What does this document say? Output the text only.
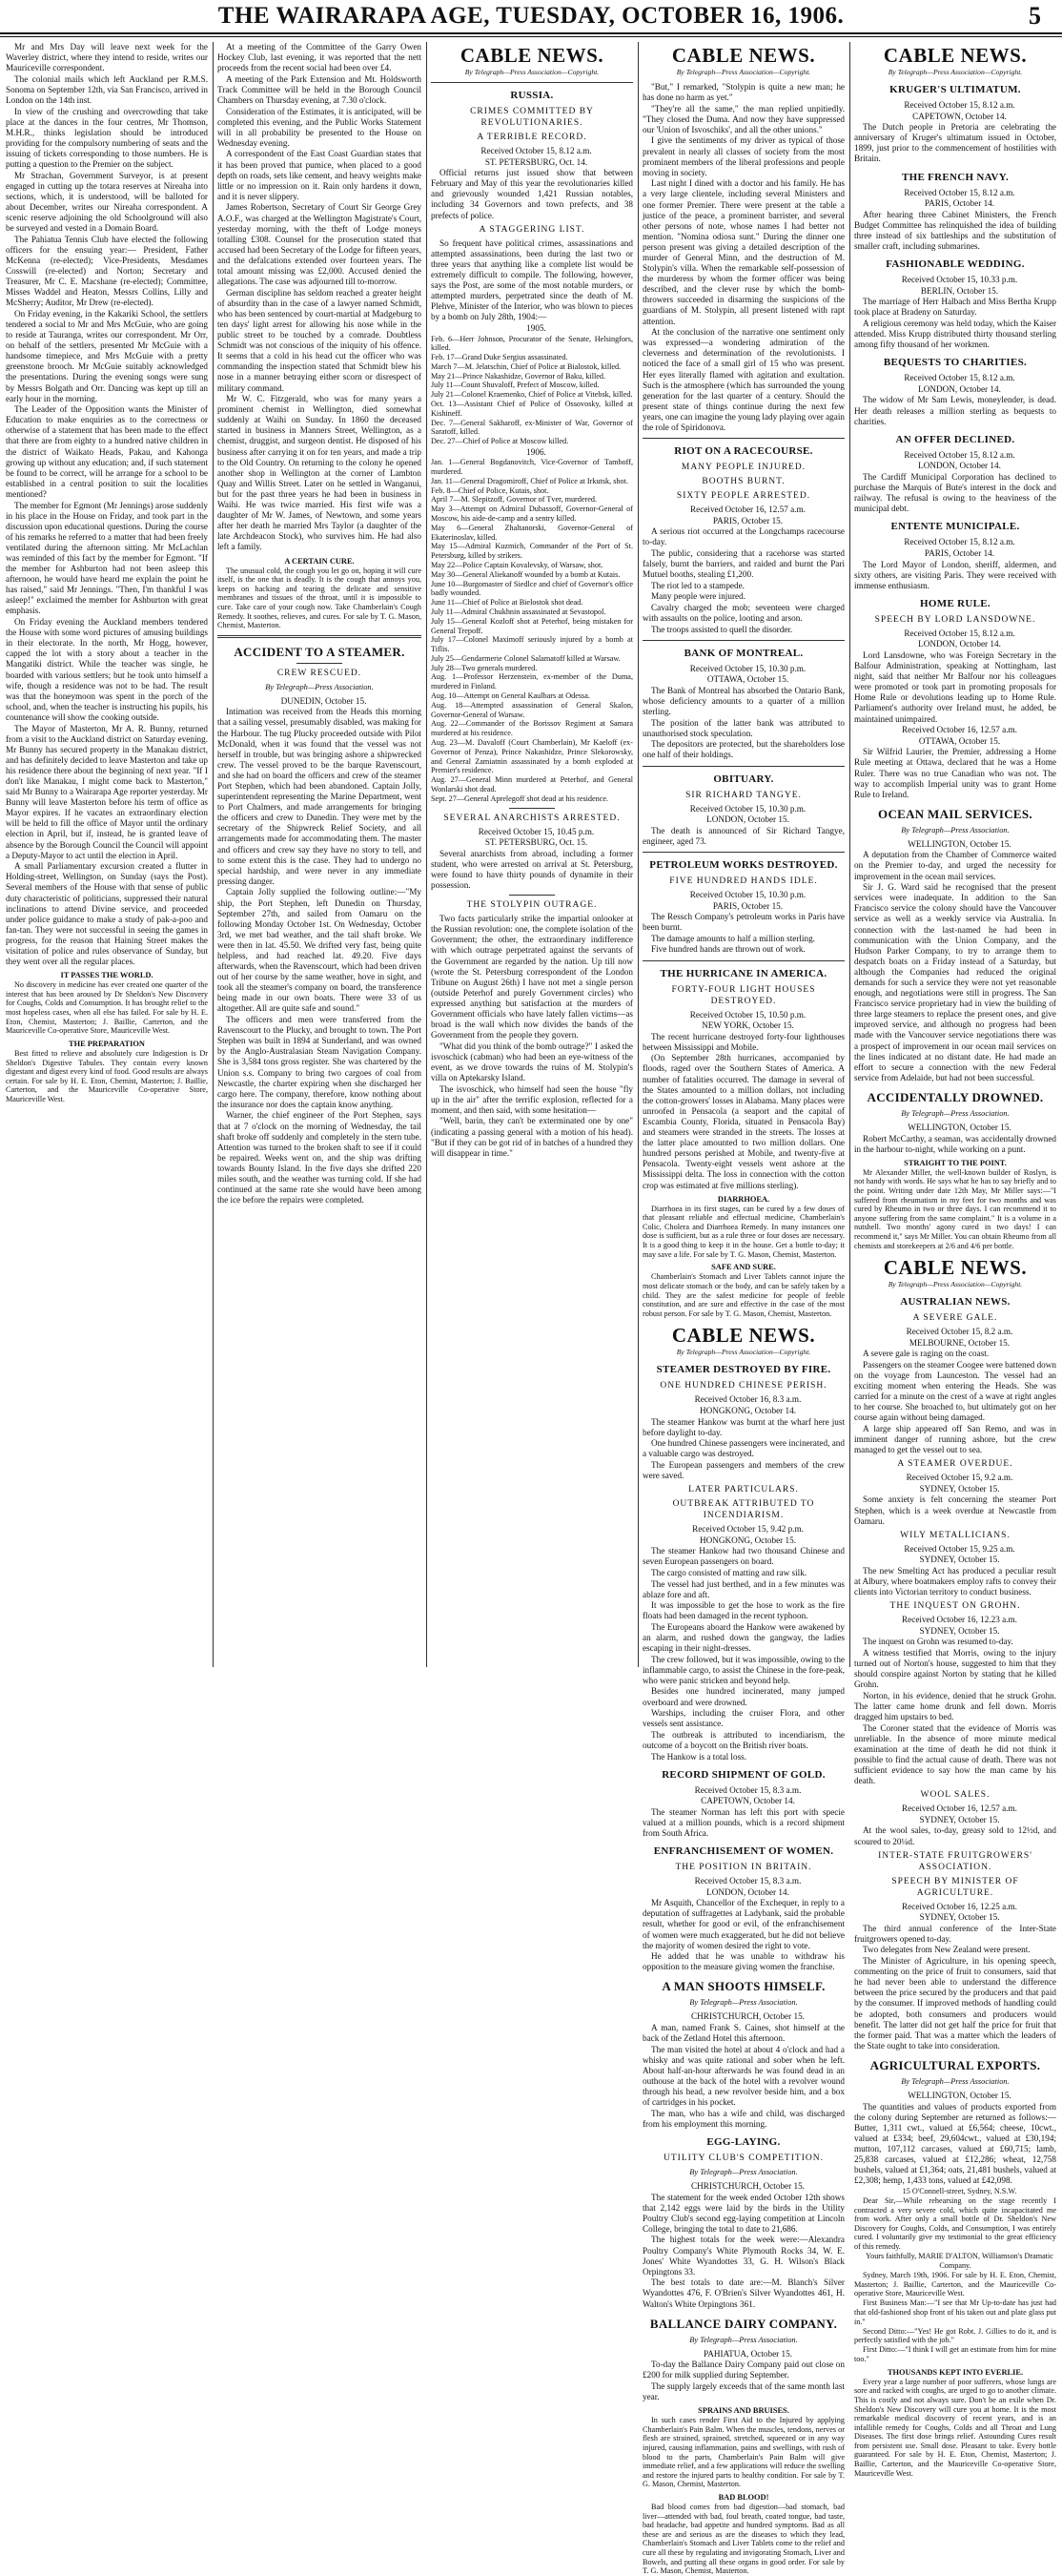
THE WAIRARAPA AGE, TUESDAY, OCTOBER 16, 1906.	5

Mr and Mrs Day will leave next week for the Waverley district, where they intend to reside, writes our Mauriceville correspondent.

The colonial mails which left Auckland per R.M.S. Sonoma on September 12th, via San Francisco, arrived in London on the 14th inst.

In view of the crushing and overcrowding that take place at the dances in the four centres, Mr Thomson, M.H.R., thinks legislation should be introduced providing for the compulsory numbering of seats and the issuing of tickets corresponding to those numbers. He is putting a question to the Premier on the subject.

Mr Strachan, Government Surveyor, is at present engaged in cutting up the totara reserves at Nireaha into sections, which, it is understood, will be balloted for about December, writes our Nireaha correspondent. A scenic reserve adjoining the old Schoolground will also be surveyed and vested in a Domain Board.

The Pahiatua Tennis Club have elected the following officers for the ensuing year:— President, Father McKenna (re-elected); Vice-Presidents, Mesdames Cosswill (re-elected) and Norton; Secretary and Treasurer, Mr C. E. Macshane (re-elected); Committee, Misses Waddel and Heaton, Messrs Collins, Lilly and McSherry; Auditor, Mr Drew (re-elected).

On Friday evening, in the Kakariki School, the settlers tendered a social to Mr and Mrs McGuie, who are going to reside at Tauranga, writes our correspondent. Mr Orr, on behalf of the settlers, presented Mr McGuie with a handsome timepiece, and Mrs McGuie with a pretty greenstone brooch. Mr McGuie suitably acknowledged the presentations. During the evening songs were sung by Messrs Bolgath and Orr. Dancing was kept up till an early hour in the morning.

The Leader of the Opposition wants the Minister of Education to make enquiries as to the correctness or otherwise of a statement that has been made to the effect that there are from eighty to a hundred native children in the district of Waikato Heads, Pakau, and Kahonga growing up without any education; and, if such statement be found to be correct, will he arrange for a school to be established in a central position to suit the localities mentioned?

The member for Egmont (Mr Jennings) arose suddenly in his place in the House on Friday, and took part in the discussion upon educational questions. During the course of his remarks he referred to a matter that had been freely ventilated during the afternoon sitting. Mr McLachlan was reminded of this fact by the member for Egmont. "If the member for Ashburton had not been asleep this afternoon, he would have heard me explain the point he has raised," said Mr Jennings. "Then, I'm thankful I was asleep!" exclaimed the member for Ashburton with great emphasis.

On Friday evening the Auckland members tendered the House with some word pictures of amusing buildings in their electorate. In the north, Mr Hogg, however, capped the lot with a story about a teacher in the Mangatiki district. While the teacher was single, he boarded with various settlers; but he took unto himself a wife, though a residence was not to be had. The result was that the honeymoon was spent in the porch of the school, and, when the teacher is instructing his pupils, his countenance will show the cooking outside.

The Mayor of Masterton, Mr A. R. Bunny, returned from a visit to the Auckland district on Saturday evening. Mr Bunny has secured property in the Manakau district, and has definitely decided to leave Masterton and take up his residence there about the beginning of next year. "If I don't like Manakau, I might come back to Masterton," said Mr Bunny to a Wairarapa Age reporter yesterday. Mr Bunny will leave Masterton before his term of office as Mayor expires. If he vacates an extraordinary election will be held to fill the office of Mayor until the ordinary election in April, but if, instead, he is granted leave of absence by the Borough Council the Council will appoint a Deputy-Mayor to act until the election in April.

A small Parliamentary excursion created a flutter in Holding-street, Wellington, on Sunday (says the Post). Several members of the House with that sense of public duty characteristic of politicians, suppressed their natural inclinations to attend Divine service, and proceeded under police guidance to make a study of pak-a-poo and fan-tan. They were not successful in seeing the games in progress, for the reason that Haining Street makes the visitation of police and rules observance of Sunday, but they went over all the regular places.

IT PASSES THE WORLD.

No discovery in medicine has ever created one quarter of the interest that has been aroused by Dr Sheldon's New Discovery for Coughs, Colds and Consumption. It has brought relief to the most hopeless cases, when all else has failed. For sale by H. E. Eton, Chemist, Masterton; J. Baillie, Carterton, and the Mauriceville Co-operative Store, Mauriceville West.

THE PREPARATION

Best fitted to relieve and absolutely cure Indigestion is Dr Sheldon's Digestive Tabules. They contain every known digestant and digest every kind of food. Good results are always certain. For sale by H. E. Eton, Chemist, Masterton; J. Baillie, Carterton, and the Mauriceville Co-operative Store, Mauriceville West.

At a meeting of the Committee of the Garry Owen Hockey Club, last evening, it was reported that the nett proceeds from the recent social had been over £4.

A meeting of the Park Extension and Mt. Holdsworth Track Committee will be held in the Borough Council Chambers on Thursday evening, at 7.30 o'clock.

Consideration of the Estimates, it is anticipated, will be completed this evening, and the Public Works Statement will in all probability be presented to the House on Wednesday evening.

A correspondent of the East Coast Guardian states that it has been proved that pumice, when placed to a good depth on roads, sets like cement, and heavy weights make little or no impression on it. Rain only hardens it down, and it is never slippery.

James Robertson, Secretary of Court Sir George Grey A.O.F., was charged at the Wellington Magistrate's Court, yesterday morning, with the theft of Lodge moneys totalling £308. Counsel for the prosecution stated that accused had been Secretary of the Lodge for fifteen years, and the defalcations extended over fourteen years. The total amount missing was £2,000. Accused denied the allegations. The case was adjourned till to-morrow.

German discipline has seldom reached a greater height of absurdity than in the case of a lawyer named Schmidt, who has been sentenced by court-martial at Madgeburg to ten days' light arrest for allowing his nose while in the public street to be touched by a comrade. Doubtless Schmidt was not conscious of the iniquity of his offence. It seems that a cold in his head cut the officer who was commanding the inspection stated that Schmidt blew his nose in a manner betraying either scorn or disrespect of military command.

Mr W. C. Fitzgerald, who was for many years a prominent chemist in Wellington, died somewhat suddenly at Waihi on Sunday. In 1860 the deceased started in business in Manners Street, Wellington, as a chemist, druggist, and surgeon dentist. He disposed of his business after carrying it on for ten years, and made a trip to the Old Country. On returning to the colony he opened another shop in Wellington at the corner of Lambton Quay and Willis Street. Later on he settled in Wanganui, but for the past three years he had been in business in Waihi. He was twice married. His first wife was a daughter of Mr W. James, of Newtown, and some years after her death he married Mrs Taylor (a daughter of the late Archdeacon Stock), who survives him. He had also left a family.

A CERTAIN CURE.

The unusual cold, the cough you let go on, hoping it will cure itself, is the one that is deadly. It is the cough that annoys you, keeps on hacking and tearing the delicate and sensitive membranes and tissues of the throat, until it is impossible to cure. Take care of your cough now. Take Chamberlain's Cough Remedy. It soothes, relieves, and cures. For sale by T. G. Mason, Chemist, Masterton.

ACCIDENT TO A STEAMER.
CREW RESCUED.
By Telegraph—Press Association.

DUNEDIN, October 15.

Intimation was received from the Heads this morning that a sailing vessel, presumably disabled, was making for the Harbour. The tug Plucky proceeded outside with Pilot McDonald, when it was found that the vessel was not herself in trouble, but was bringing ashore a shipwrecked crew. The vessel proved to be the barque Ravenscourt, and she had on board the officers and crew of the steamer Port Stephen, which had been abandoned. Captain Jolly, superintendent representing the Marine Department, went to Port Chalmers, and made arrangements for bringing the officers and crew to Dunedin. They were met by the secretary of the Shipwreck Relief Society, and all arrangements made for accommodating them. The master and officers and crew say they have no story to tell, and to some extent this is the case. They had to undergo no special hardship, and were never in any immediate pressing danger.

Captain Jolly supplied the following outline:—"My ship, the Port Stephen, left Dunedin on Thursday, September 27th, and sailed from Oamaru on the following Monday October 1st. On Wednesday, October 3rd, we met bad weather, and the tail shaft broke. We were then in lat. 45.50. We drifted very fast, being quite helpless, and had reached lat. 49.20. Five days afterwards, when the Ravenscourt, which had been driven out of her course by the same weather, hove in sight, and took all the steamer's company on board, the transference being made in our own boats. There were 33 of us altogether. All are quite safe and sound."

The officers and men were transferred from the Ravenscourt to the Plucky, and brought to town. The Port Stephen was built in 1894 at Sunderland, and was owned by the Anglo-Australasian Steam Navigation Company. She is 3,584 tons gross register. She was chartered by the Union s.s. Company to bring two cargoes of coal from Newcastle, the charter expiring when she discharged her cargo here. The company, therefore, know nothing about the insurance nor does the captain know anything.

Warner, the chief engineer of the Port Stephen, says that at 7 o'clock on the morning of Wednesday, the tail shaft broke off suddenly and completely in the stern tube. Attention was turned to the broken shaft to see if it could be repaired. Weeks went on, and the ship was drifting towards Bounty Island. In the five days she drifted 220 miles south, and the weather was turning cold. If she had continued at the same rate she would have been among the ice before the repairs were completed.

CABLE NEWS.
By Telegraph—Press Association—Copyright.
RUSSIA.
CRIMES COMMITTED BY REVOLUTIONARIES.
A TERRIBLE RECORD.

Received October 15, 8.12 a.m.

ST. PETERSBURG, Oct. 14.

Official returns just issued show that between February and May of this year the revolutionaries killed and grievously wounded 1,421 Russian notables, including 34 Governors and town prefects, and 38 prefects of police.

A STAGGERING LIST.

So frequent have political crimes, assassinations and attempted assassinations, been during the last two or three years that anything like a complete list would be extremely difficult to compile. The following, however, says the Post, are some of the most notable murders, or attempted murders, perpetrated since the death of M. Plehve, Minister of the Interior, who was blown to pieces by a bomb on July 28th, 1904:—

1905.

Feb. 6—Herr Johnson, Procurator of the Senate, Helsingfors, killed.
Feb. 17—Grand Duke Sergius assassinated.
March 7—M. Jelatschin, Chief of Police at Bialostok, killed.
May 21—Prince Nakashidze, Governor of Baku, killed.
July 11—Count Shuvaloff, Prefect of Moscow, killed.
July 21—Colonel Kraemenko, Chief of Police at Vitebsk, killed.
Oct. 13—Assistant Chief of Police of Ossovosky, killed at Kishineff.
Dec. 7—General Sakharoff, ex-Minister of War, Governor of Saratoff, killed.
Dec. 27—Chief of Police at Moscow killed.

1906.

Jan. 1—General Bogdanovitch, Vice-Governor of Tamboff, murdered.
Jan. 11—General Dragomiroff, Chief of Police at Irkutsk, shot.
Feb. 8—Chief of Police, Kutais, shot.
April 7—M. Slepitzoff, Governor of Tver, murdered.
May 3—Attempt on Admiral Dubassoff, Governor-General of Moscow, his aide-de-camp and a sentry killed.
May 6—General Zhaltanorski, Governor-General of Ekaterinoslav, killed.
May 15—Admiral Kuzmich, Commander of the Port of St. Petersburg, killed by strikers.
May 22—Police Captain Kovalevsky, of Warsaw, shot.
May 30—General Aliekanoff wounded by a bomb at Kutais.
June 10—Burgomaster of Siedlce and chief of Governor's office badly wounded.
June 11—Chief of Police at Bielostok shot dead.
July 11—Admiral Chukhnin assassinated at Sevastopol.
July 15—General Kozloff shot at Peterhof, being mistaken for General Trepoff.
July 17—Colonel Maximoff seriously injured by a bomb at Tiflis.
July 25—Gendarmerie Colonel Salamatoff killed at Warsaw.
July 28—Two generals murdered.
Aug. 1—Professor Herzenstein, ex-member of the Duma, murdered in Finland.
Aug. 10—Attempt on General Kaulbars at Odessa.
Aug. 18—Attempted assassination of General Skalon, Governor-General of Warsaw.
Aug. 22—Commander of the Borissov Regiment at Samara murdered at his residence.
Aug. 23—M. Davaloff (Court Chamberlain), Mr Kaeloff (ex-Governor of Penza), Prince Nakashidze, Prince Slekorowsky, and General Zamiatnin assassinated by a bomb exploded at Premier's residence.
Aug. 27—General Minn murdered at Peterhof, and General Wonlarski shot dead.
Sept. 27—General Aprelegoff shot dead at his residence.

SEVERAL ANARCHISTS ARRESTED.

Received October 15, 10.45 p.m.

ST. PETERSBURG, Oct. 15.

Several anarchists from abroad, including a former student, who were arrested on arrival at St. Petersburg, were found to have thirty pounds of dynamite in their possession.

THE STOLYPIN OUTRAGE.

Two facts particularly strike the impartial onlooker at the Russian revolution: one, the complete isolation of the Government; the other, the extraordinary indifference with which outrage perpetrated against the servants of the Government are regarded by the nation. Up till now (wrote the St. Petersburg correspondent of the London Tribune on August 26th) I have not met a single person (outside Peterhof and purely Government circles) who expressed anything but satisfaction at the murders of Government officials who have lately fallen victims—as broad is the wall which now divides the bands of the Government from the people they govern.

"What did you think of the bomb outrage?" I asked the isvoschick (cabman) who had been an eye-witness of the event, as we drove towards the ruins of M. Stolypin's villa on Aptekarsky Island.

The isvoschick, who himself had seen the house "fly up in the air" after the terrific explosion, reflected for a moment, and then said, with some hesitation—

"Well, barin, they can't be exterminated one by one" (indicating a passing general with a motion of his head). "But if they can be got rid of in batches of a hundred they will disappear in time."

CABLE NEWS.
By Telegraph—Press Association—Copyright.

"But," I remarked, "Stolypin is quite a new man; he has done no harm as yet."

"They're all the same," the man replied unpitiedly. "They closed the Duma. And now they have suppressed our 'Union of Isvoschiks', and all the other unions."

I give the sentiments of my driver as typical of those prevalent in nearly all classes of society from the most prominent members of the liberal professions and people moving in society.

Last night I dined with a doctor and his family. He has a very large clientele, including several Ministers and one former Premier. There were present at the table a justice of the peace, a prominent barrister, and several other persons of note, whose names I had better not mention. "Nomina odiosa sunt." During the dinner one person present was giving a detailed description of the murder of General Minn, and the destruction of M. Stolypin's villa. When the remarkable self-possession of the murderess by whom the former officer was being described, and the clever ruse by which the bomb-throwers succeeded in disarming the suspicions of the guardians of M. Stolypin, all present listened with rapt attention.

At the conclusion of the narrative one sentiment only was expressed—a wondering admiration of the cleverness and determination of the revolutionists. I noticed the face of a small girl of 15 who was present. Her eyes literally flamed with agitation and exultation. Such is the atmosphere (which has surrounded the young generation for the last quarter of a century. Should the present state of things continue during the next few years, one can imagine the young lady playing over again the role of Spiridonova.

RIOT ON A RACECOURSE.
MANY PEOPLE INJURED.
BOOTHS BURNT.
SIXTY PEOPLE ARRESTED.

Received October 16, 12.57 a.m.

PARIS, October 15.

A serious riot occurred at the Longchamps racecourse to-day.

The public, considering that a racehorse was started falsely, burnt the barriers, and raided and burnt the Pari Mutuel booths, stealing £1,200.

The riot led to a stampede.

Many people were injured.

Cavalry charged the mob; seventeen were charged with assaults on the police, looting and arson.

The troops assisted to quell the disorder.

BANK OF MONTREAL.

Received October 15, 10.30 p.m.

OTTAWA, October 15.

The Bank of Montreal has absorbed the Ontario Bank, whose deficiency amounts to a quarter of a million sterling.

The position of the latter bank was attributed to unauthorised stock speculation.

The depositors are protected, but the shareholders lose one half of their holdings.

OBITUARY.
SIR RICHARD TANGYE.

Received October 15, 10.30 p.m.

LONDON, October 15.

The death is announced of Sir Richard Tangye, engineer, aged 73.

PETROLEUM WORKS DESTROYED.
FIVE HUNDRED HANDS IDLE.

Received October 15, 10.30 p.m.

PARIS, October 15.

The Ressch Company's petroleum works in Paris have been burnt.

The damage amounts to half a million sterling.

Five hundred hands are thrown out of work.

THE HURRICANE IN AMERICA.
FORTY-FOUR LIGHT HOUSES DESTROYED.

Received October 15, 10.50 p.m.

NEW YORK, October 15.

The recent hurricane destroyed forty-four lighthouses between Mississippi and Mobile.

(On September 28th hurricanes, accompanied by floods, raged over the Southern States of America. A number of fatalities occurred. The damage in several of the States amounted to a million dollars, not including the cotton-growers' losses in Alabama. Many places were unroofed in Pensacola (a seaport and the capital of Escambia County, Florida, situated in Pensacola Bay) and steamers were stranded in the streets. The losses at the latter place amounted to two million dollars. One hundred persons perished at Mobile, and twenty-five at Pensacola. Twenty-eight vessels went ashore at the Mississippi delta. The loss in connection with the cotton crop was estimated at five millions sterling).

DIARRHOEA.

Diarrhoea in its first stages, can be cured by a few doses of that pleasant reliable and effectual medicine, Chamberlain's Colic, Cholera and Diarrhoea Remedy. In many instances one dose is sufficient, but as a rule three or four doses are necessary. It is a good thing to keep it in the house. Get a bottle to-day; it may save a life. For sale by T. G. Mason, Chemist, Masterton.

SAFE AND SURE.

Chamberlain's Stomach and Liver Tablets cannot injure the most delicate stomach or the body, and can be safely taken by a child. They are the safest medicine for people of feeble constitution, and are sure and effective in the case of the most robust person. For sale by T. G. Mason, Chemist, Masterton.

CABLE NEWS.
By Telegraph—Press Association—Copyright.
STEAMER DESTROYED BY FIRE.
ONE HUNDRED CHINESE PERISH.

Received October 16, 8.3 a.m.

HONGKONG, October 14.

The steamer Hankow was burnt at the wharf here just before daylight to-day.

One hundred Chinese passengers were incinerated, and a valuable cargo was destroyed.

The European passengers and members of the crew were saved.

LATER PARTICULARS.
OUTBREAK ATTRIBUTED TO INCENDIARISM.

Received October 15, 9.42 p.m.

HONGKONG, October 15.

The steamer Hankow had two thousand Chinese and seven European passengers on board.

The cargo consisted of matting and raw silk.

The vessel had just berthed, and in a few minutes was ablaze fore and aft.

It was impossible to get the hose to work as the fire floats had been damaged in the recent typhoon.

The Europeans aboard the Hankow were awakened by an alarm, and rushed down the gangway, the ladies escaping in their night-dresses.

The crew followed, but it was impossible, owing to the inflammable cargo, to assist the Chinese in the fore-peak, who were panic stricken and beyond help.

Besides one hundred incinerated, many jumped overboard and were drowned.

Warships, including the cruiser Flora, and other vessels sent assistance.

The outbreak is attributed to incendiarism, the outcome of a boycott on the British river boats.

The Hankow is a total loss.

RECORD SHIPMENT OF GOLD.

Received October 15, 8.3 a.m.

CAPETOWN, October 14.

The steamer Norman has left this port with specie valued at a million pounds, which is a record shipment from South Africa.

ENFRANCHISEMENT OF WOMEN.
THE POSITION IN BRITAIN.

Received October 15, 8.3 a.m.

LONDON, October 14.

Mr Asquith, Chancellor of the Exchequer, in reply to a deputation of suffragettes at Ladybank, said the probable result, whether for good or evil, of the enfranchisement of women were much exaggerated, but he did not believe the majority of women desired the right to vote.

He added that he was unable to withdraw his opposition to the measure giving women the franchise.

A MAN SHOOTS HIMSELF.
By Telegraph—Press Association.

CHRISTCHURCH, October 15.

A man, named Frank S. Caines, shot himself at the back of the Zetland Hotel this afternoon.

The man visited the hotel at about 4 o'clock and had a whisky and was quite rational and sober when he left. About half-an-hour afterwards he was found dead in an outhouse at the back of the hotel with a revolver wound through his head, a new revolver beside him, and a box of cartridges in his pocket.

The man, who has a wife and child, was discharged from his employment this morning.

EGG-LAYING.
UTILITY CLUB'S COMPETITION.
By Telegraph—Press Association.

CHRISTCHURCH, October 15.

The statement for the week ended October 12th shows that 2,142 eggs were laid by the birds in the Utility Poultry Club's second egg-laying competition at Lincoln College, bringing the total to date to 21,686.

The highest totals for the week were:—Alexandra Poultry Company's White Plymouth Rocks 34, W. E. Jones' White Wyandottes 33, G. H. Wilson's Black Orpingtons 33.

The best totals to date are:—M. Blanch's Silver Wyandottes 476, F. O'Brien's Silver Wyandottes 461, H. Walton's White Orpingtons 361.

BALLANCE DAIRY COMPANY.
By Telegraph—Press Association.

PAHIATUA, October 15.

To-day the Ballance Dairy Company paid out close on £200 for milk supplied during September.

The supply largely exceeds that of the same month last year.

SPRAINS AND BRUISES.

In such cases render First Aid to the Injured by applying Chamberlain's Pain Balm. When the muscles, tendons, nerves or flesh are strained, sprained, stretched, squeezed or in any way injured, causing inflammation, pains and swellings, with rush of blood to the parts, Chamberlain's Pain Balm will give immediate relief, and a few applications will reduce the swelling and restore the injured parts to healthy condition. For sale by T. G. Mason, Chemist, Masterton.

BAD BLOOD!

Bad blood comes from bad digestion—bad stomach, bad liver—attended with bad, foul breath, coated tongue, bad taste, bad headache, bad appetite and hundred symptoms. Bad as all these are and serious as are the diseases to which they lead, Chamberlain's Stomach and Liver Tablets come to the relief and cure all these by regulating and invigorating Stomach, Liver and Bowels, and putting all these organs in good order. For sale by T. G. Mason, Chemist, Masterton.

CABLE NEWS.
By Telegraph—Press Association—Copyright.
KRUGER'S ULTIMATUM.

Received October 15, 8.12 a.m.

CAPETOWN, October 14.

The Dutch people in Pretoria are celebrating the anniversary of Kruger's ultimatum issued in October, 1899, just prior to the commencement of hostilities with Britain.

THE FRENCH NAVY.

Received October 15, 8.12 a.m.

PARIS, October 14.

After hearing three Cabinet Ministers, the French Budget Committee has relinquished the idea of building three instead of six battleships and the substitution of smaller craft, including submarines.

FASHIONABLE WEDDING.

Received October 15, 10.33 p.m.

BERLIN, October 15.

The marriage of Herr Halbach and Miss Bertha Krupp took place at Bradeny on Saturday.

A religious ceremony was held today, which the Kaiser attended. Miss Krupp distributed thirty thousand sterling among fifty thousand of her workmen.

BEQUESTS TO CHARITIES.

Received October 15, 8.12 a.m.

LONDON, October 14.

The widow of Mr Sam Lewis, moneylender, is dead. Her death releases a million sterling as bequests to charities.

AN OFFER DECLINED.

Received October 15, 8.12 a.m.

LONDON, October 14.

The Cardiff Municipal Corporation has declined to purchase the Marquis of Bute's interest in the dock and railway. The refusal is owing to the heaviness of the municipal debt.

ENTENTE MUNICIPALE.

Received October 15, 8.12 a.m.

PARIS, October 14.

The Lord Mayor of London, sheriff, aldermen, and sixty others, are visiting Paris. They were received with immense enthusiasm.

HOME RULE.
SPEECH BY LORD LANSDOWNE.

Received October 15, 8.12 a.m.

LONDON, October 14.

Lord Lansdowne, who was Foreign Secretary in the Balfour Administration, speaking at Nottingham, last night, said that neither Mr Balfour nor his colleagues were promoted or took part in promoting proposals for Home Rule or devolutions leading up to Home Rule. Parliament's authority over Ireland must, he added, be maintained unimpaired.

Received October 16, 12.57 a.m.

OTTAWA, October 15.

Sir Wilfrid Laurier, the Premier, addressing a Home Rule meeting at Ottawa, declared that he was a Home Ruler. There was no true Canadian who was not. The way to accomplish Imperial unity was to grant Home Rule to Ireland.

OCEAN MAIL SERVICES.
By Telegraph—Press Association.

WELLINGTON, October 15.

A deputation from the Chamber of Commerce waited on the Premier to-day, and urged the necessity for improvement in the ocean mail services.

Sir J. G. Ward said he recognised that the present services were inadequate. In addition to the San Francisco service the colony should have the Vancouver service as well as a weekly service via Australia. In connection with the last-named he had been in communication with the Union Company, and the Hudson Parker Company, to try to arrange them to despatch boats on a Friday instead of a Saturday, but although the Companies had reduced the original demands for such a service they were not yet reasonable enough, and negotiations were still in progress. The San Francisco service proprietary had in view the building of three large steamers to replace the present ones, and give improved service, and although no progress had been made with the Vancouver service negotiations there was a prospect of improvement in our ocean mail services on the lines indicated at no distant date. He had made an effort to secure a connection with the new Federal service from Adelaide, but had not been successful.

ACCIDENTALLY DROWNED.
By Telegraph—Press Association.

WELLINGTON, October 15.

Robert McCarthy, a seaman, was accidentally drowned in the harbour to-night, while working on a punt.

STRAIGHT TO THE POINT.

Mr Alexander Miller, the well-known builder of Roslyn, is not handy with words. He says what he has to say briefly and to the point. Writing under date 12th May, Mr Miller says:—"I suffered from rheumatism in my feet for two months and was cured by Rheumo in two or three days. I can recommend it to anyone suffering from the same complaint." It is a volume in a nutshell. Two months' agony cured in two days! I can recommend it," says Mr Miller. You can obtain Rheumo from all chemists and storekeepers at 2/6 and 4/6 per bottle.

CABLE NEWS.
By Telegraph—Press Association—Copyright.
AUSTRALIAN NEWS.
A SEVERE GALE.

Received October 15, 8.2 a.m.

MELBOURNE, October 15.

A severe gale is raging on the coast.

Passengers on the steamer Coogee were battened down on the voyage from Launceston. The vessel had an exciting moment when entering the Heads. She was carried for a minute on the crest of a wave at right angles to her course. She broached to, but ultimately got on her course again without being damaged.

A large ship appeared off San Remo, and was in imminent danger of running ashore, but the crew managed to get the vessel out to sea.

A STEAMER OVERDUE.

Received October 15, 9.2 a.m.

SYDNEY, October 15.

Some anxiety is felt concerning the steamer Port Stephen, which is a week overdue at Newcastle from Oamaru.

WILY METALLICIANS.

Received October 15, 9.25 a.m.

SYDNEY, October 15.

The new Smelting Act has produced a peculiar result at Albury, where boatmakers employ rafts to convey their clients into Victorian territory to conduct business.

THE INQUEST ON GROHN.

Received October 16, 12.23 a.m.

SYDNEY, October 15.

The inquest on Grohn was resumed to-day.

A witness testified that Morris, owing to the injury turned out of Norton's house, suggested to him that they should conspire against Norton by stating that he killed Grohn.

Norton, in his evidence, denied that he struck Grohn. The latter came home drunk and fell down. Morris dragged him upstairs to bed.

The Coroner stated that the evidence of Morris was unreliable. In the absence of more minute medical examination at the time of death he did not think it possible to find the actual cause of death. There was not sufficient evidence to say how the man came by his death.

WOOL SALES.

Received October 16, 12.57 a.m.

SYDNEY, October 15.

At the wool sales, to-day, greasy sold to 12½d, and scoured to 20¼d.

INTER-STATE FRUITGROWERS' ASSOCIATION.
SPEECH BY MINISTER OF AGRICULTURE.

Received October 16, 12.25 a.m.

SYDNEY, October 15.

The third annual conference of the Inter-State fruitgrowers opened to-day.

Two delegates from New Zealand were present.

The Minister of Agriculture, in his opening speech, commenting on the price of fruit to consumers, said that he had never been able to understand the difference between the price secured by the producers and that paid by the consumer. If improved methods of handling could be adopted, both consumers and producers would benefit. The latter did not get half the price for fruit that the former paid. That was a matter which the leaders of the State ought to take into consideration.

AGRICULTURAL EXPORTS.
By Telegraph—Press Association.

WELLINGTON, October 15.

The quantities and values of products exported from the colony during September are returned as follows:—Butter, 1,311 cwt., valued at £6,564; cheese, 10cwt., valued at £334; beef, 29,604cwt., valued at £30,194; mutton, 107,112 carcases, valued at £60,715; lamb, 25,838 carcases, valued at £12,286; wheat, 12,758 bushels, valued at £1,364; oats, 21,481 bushels, valued at £2,308; hemp, 1,433 tons, valued at £42,098.

15 O'Connell-street, Sydney, N.S.W.

Dear Sir,—While rehearsing on the stage recently I contracted a very severe cold, which quite incapacitated me from work. After only a small bottle of Dr. Sheldon's New Discovery for Coughs, Colds, and Consumption, I was entirely cured. I voluntarily give my testimonial to the great efficiency of this remedy.

Yours faithfully, MARIE D'ALTON, Williamson's Dramatic Company.

Sydney, March 19th, 1906. For sale by H. E. Eton, Chemist, Masterton; J. Baillie, Carterton, and the Mauriceville Co-operative Store, Mauriceville West.

First Business Man:—"I see that Mr Up-to-date has just had that old-fashioned shop front of his taken out and plate glass put in."

Second Ditto:—"Yes! He got Robt. J. Gillies to do it, and is perfectly satisfied with the job."

First Ditto:—"I think I will get an estimate from him for mine too."

THOUSANDS KEPT INTO EVERLIE.

Every year a large number of poor sufferers, whose lungs are sore and racked with coughs, are urged to go to another climate. This is costly and not always sure. Don't be an exile when Dr. Sheldon's New Discovery will cure you at home. It is the most remarkable medical discovery of recent years, and is an infallible remedy for Coughs, Colds and all Throat and Lung Diseases. The first dose brings relief. Astounding Cures result from persistent use. Small dose. Pleasant to take. Every bottle guaranteed. For sale by H. E. Eton, Chemist, Masterton; J. Baillie, Carterton, and the Mauriceville Co-operative Store, Mauriceville West.
